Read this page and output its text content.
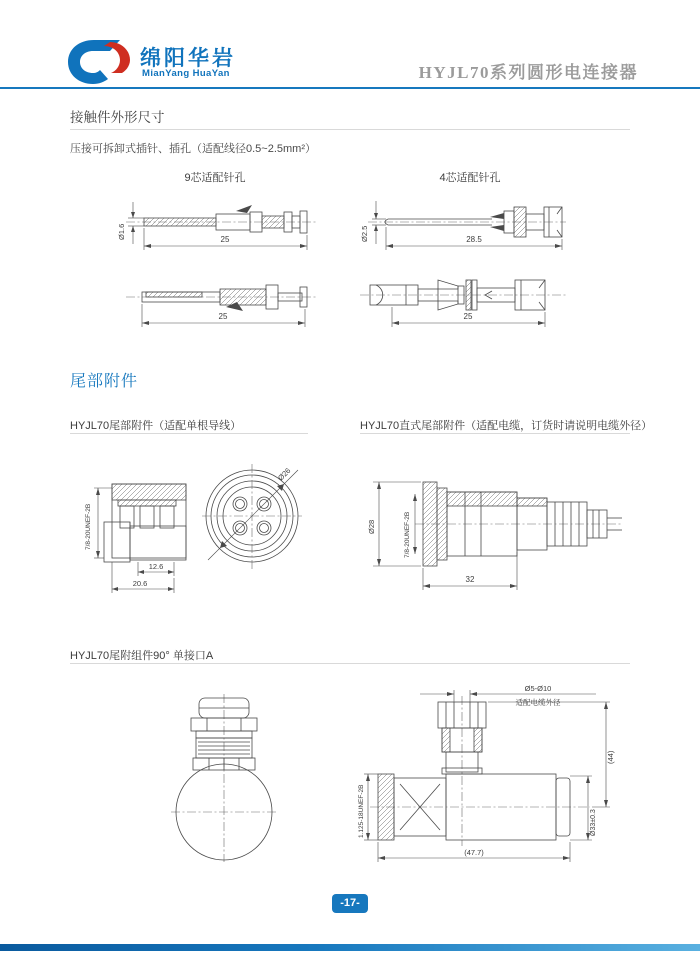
绵阳华岩
MianYang HuaYan	HYJL70系列圆形电连接器
接触件外形尺寸
压接可拆卸式插针、插孔（适配线径0.5~2.5mm²）
9芯适配针孔	4芯适配针孔
Ø1.6	25	Ø2.5	28.5
25	25
尾部附件
HYJL70尾部附件（适配单根导线）	HYJL70直式尾部附件（适配电缆，订货时请说明电缆外径）
7/8-20UNEF-2B
12.6
20.6
Ø26
Ø28	7/8-20UNEF-2B
32
HYJL70尾附组件90° 单接口A
Ø5-Ø10
适配电缆外径
(44)
1.125-18UNEF-2B	Ø33±0.3
(47.7)
-17-
